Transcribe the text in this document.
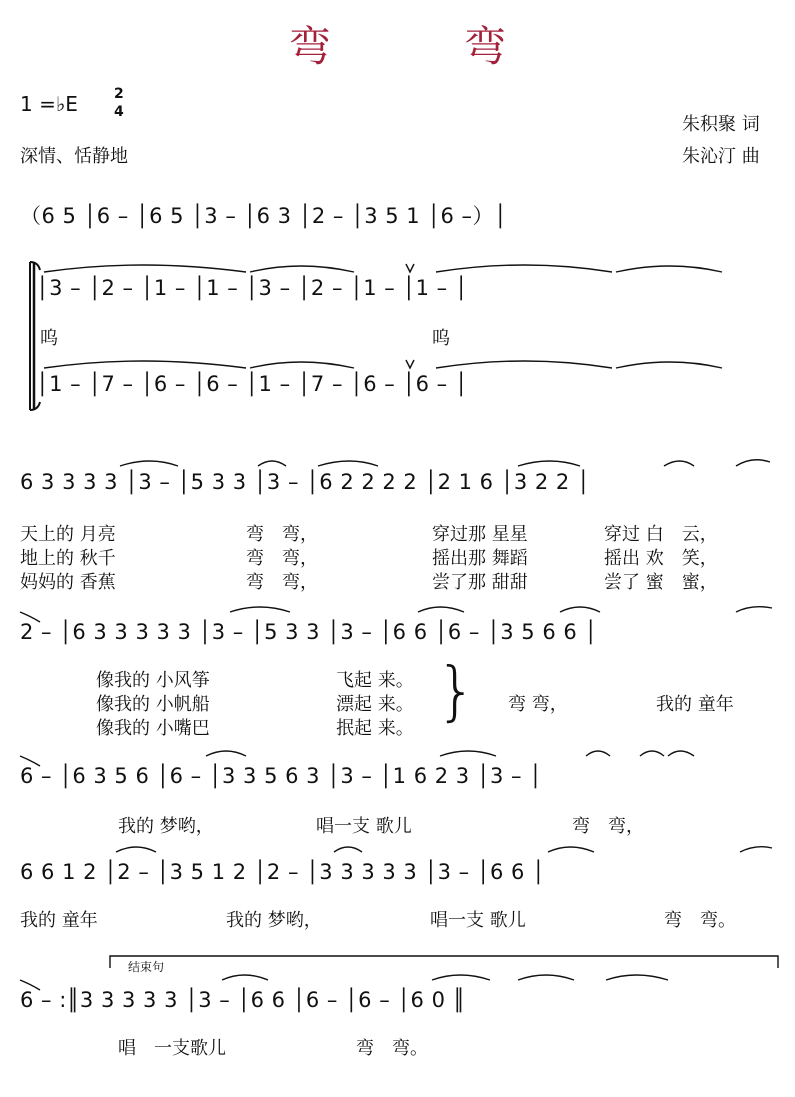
弯 弯
1 =♭E	2
4
深情、恬静地
朱积聚 词
朱沁汀 曲
（6 5 │6 – │6 5 │3 – │6 3 │2 – │3 5 1 │6 –）│
│3 – │2 – │1 – │1 – │3 – │2 – │1 – │1 – │
呜	呜
│1 – │7 – │6 – │6 – │1 – │7 – │6 – │6 – │
6 3 3 3 3 │3 – │5 3 3 │3 – │6 2 2 2 2 │2 1 6 │3 2 2 │
天上的 月亮	弯　弯，	穿过那 星星	穿过 白　云，
地上的 秋千	弯　弯，	摇出那 舞蹈	摇出 欢　笑，
妈妈的 香蕉	弯　弯，	尝了那 甜甜	尝了 蜜　蜜，
2 – │6 3 3 3 3 3 │3 – │5 3 3 │3 – │6 6 │6 – │3 5 6 6 │
像我的 小风筝	飞起 来。
像我的 小帆船	漂起 来。
像我的 小嘴巴	抿起 来。 } 弯 弯，	我的 童年
6 – │6 3 5 6 │6 – │3 3 5 6 3 │3 – │1 6 2 3 │3 – │
我的 梦哟，	唱一支 歌儿	弯　弯，
6 6 1 2 │2 – │3 5 1 2 │2 – │3 3 3 3 3 │3 – │6 6 │
我的 童年	我的 梦哟，	唱一支 歌儿	弯　弯。
结束句
6 – :║3 3 3 3 3 │3 – │6 6 │6 – │6 – │6 0 ║
唱　一支歌儿	弯　弯。
